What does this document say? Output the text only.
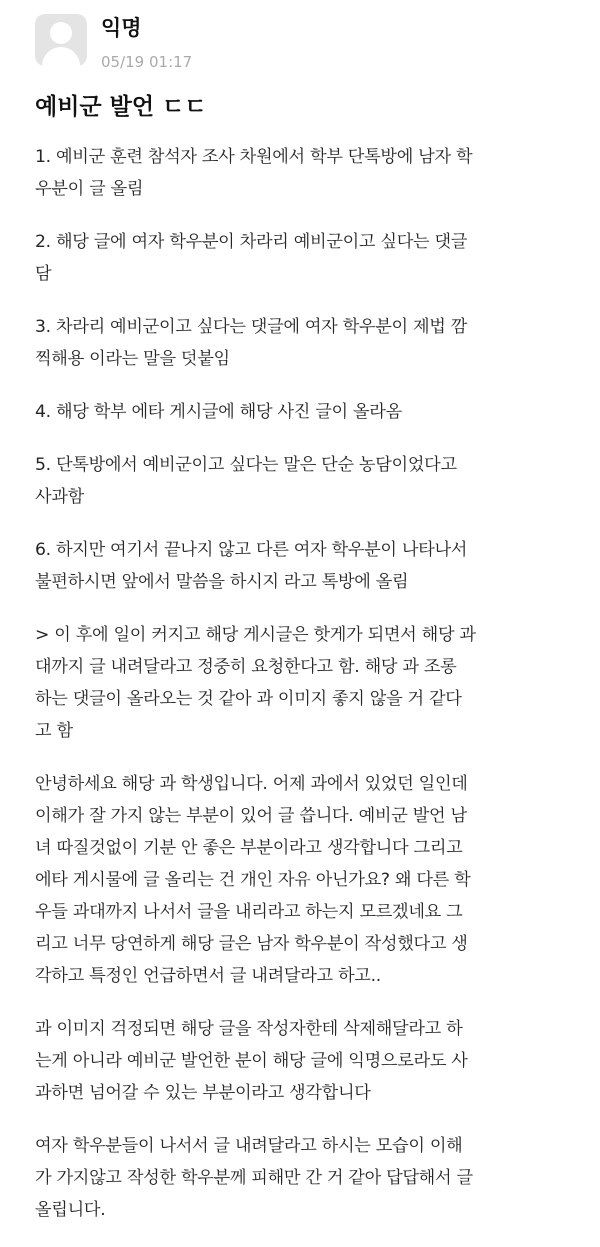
익명
05/19 01:17
예비군 발언 ㄷㄷ

1. 예비군 훈련 참석자 조사 차원에서 학부 단톡방에 남자 학
우분이 글 올림

2. 해당 글에 여자 학우분이 차라리 예비군이고 싶다는 댓글
담

3. 차라리 예비군이고 싶다는 댓글에 여자 학우분이 제법 깜
찍해용 이라는 말을 덧붙임

4. 해당 학부 에타 게시글에 해당 사진 글이 올라옴

5. 단톡방에서 예비군이고 싶다는 말은 단순 농담이었다고
사과함

6. 하지만 여기서 끝나지 않고 다른 여자 학우분이 나타나서
불편하시면 앞에서 말씀을 하시지 라고 톡방에 올림

> 이 후에 일이 커지고 해당 게시글은 핫게가 되면서 해당 과
대까지 글 내려달라고 정중히 요청한다고 함. 해당 과 조롱
하는 댓글이 올라오는 것 같아 과 이미지 좋지 않을 거 같다
고 함

안녕하세요 해당 과 학생입니다. 어제 과에서 있었던 일인데
이해가 잘 가지 않는 부분이 있어 글 씁니다. 예비군 발언 남
녀 따질것없이 기분 안 좋은 부분이라고 생각합니다 그리고
에타 게시물에 글 올리는 건 개인 자유 아닌가요? 왜 다른 학
우들 과대까지 나서서 글을 내리라고 하는지 모르겠네요 그
리고 너무 당연하게 해당 글은 남자 학우분이 작성했다고 생
각하고 특정인 언급하면서 글 내려달라고 하고..

과 이미지 걱정되면 해당 글을 작성자한테 삭제해달라고 하
는게 아니라 예비군 발언한 분이 해당 글에 익명으로라도 사
과하면 넘어갈 수 있는 부분이라고 생각합니다

여자 학우분들이 나서서 글 내려달라고 하시는 모습이 이해
가 가지않고 작성한 학우분께 피해만 간 거 같아 답답해서 글
올립니다.
